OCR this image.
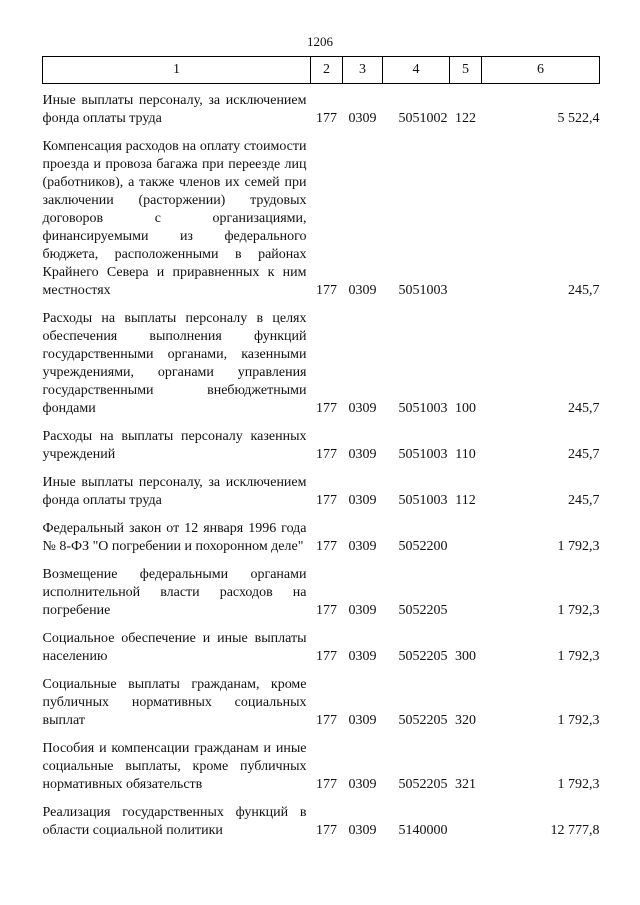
1206
1	2	3	4	5	6
Иные выплаты персоналу, за исключением фонда оплаты труда	177	0309	5051002	122	5 522,4
Компенсация расходов на оплату стоимости проезда и провоза багажа при переезде лиц (работников), а также членов их семей при заключении (расторжении) трудовых договоров с организациями, финансируемыми из федерального бюджета, расположенными в районах Крайнего Севера и приравненных к ним местностях	177	0309	5051003		245,7
Расходы на выплаты персоналу в целях обеспечения выполнения функций государственными органами, казенными учреждениями, органами управления государственными внебюджетными фондами	177	0309	5051003	100	245,7
Расходы на выплаты персоналу казенных учреждений	177	0309	5051003	110	245,7
Иные выплаты персоналу, за исключением фонда оплаты труда	177	0309	5051003	112	245,7
Федеральный закон от 12 января 1996 года № 8-ФЗ "О погребении и похоронном деле"	177	0309	5052200		1 792,3
Возмещение федеральными органами исполнительной власти расходов на погребение	177	0309	5052205		1 792,3
Социальное обеспечение и иные выплаты населению	177	0309	5052205	300	1 792,3
Социальные выплаты гражданам, кроме публичных нормативных социальных выплат	177	0309	5052205	320	1 792,3
Пособия и компенсации гражданам и иные социальные выплаты, кроме публичных нормативных обязательств	177	0309	5052205	321	1 792,3
Реализация государственных функций в области социальной политики	177	0309	5140000		12 777,8
